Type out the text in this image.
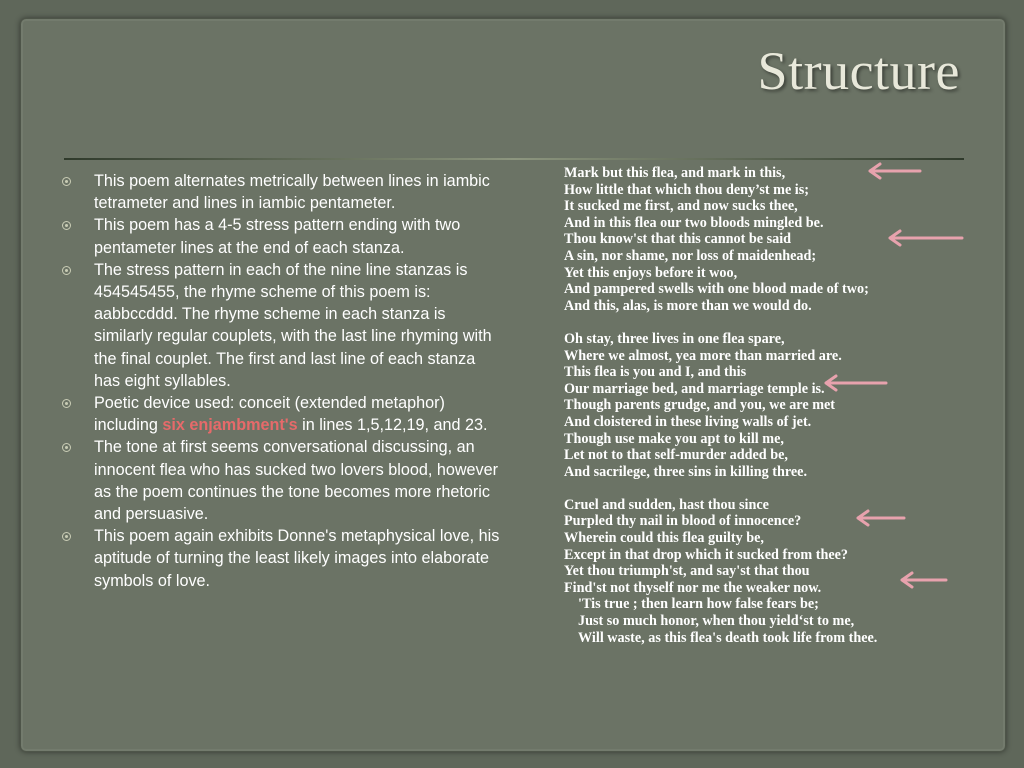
Structure
This poem alternates metrically between lines in iambic tetrameter and lines in iambic pentameter.
This poem has a 4-5 stress pattern ending with two pentameter lines at the end of each stanza.
The stress pattern in each of the nine line stanzas is 454545455, the rhyme scheme of this poem is: aabbccddd. The rhyme scheme in each stanza is similarly regular couplets, with the last line rhyming with the final couplet. The first and last line of each stanza has eight syllables.
Poetic device used: conceit (extended metaphor) including six enjambment's in lines 1,5,12,19, and 23.
The tone at first seems conversational discussing, an innocent flea who has sucked two lovers blood, however as the poem continues the tone becomes more rhetoric and persuasive.
This poem again exhibits Donne's metaphysical love, his aptitude of turning the least likely images into elaborate symbols of love.
Mark but this flea, and mark in this,
How little that which thou deny’st me is;
It sucked me first, and now sucks thee,
And in this flea our two bloods mingled be.
Thou know'st that this cannot be said
A sin, nor shame, nor loss of maidenhead;
Yet this enjoys before it woo,
And pampered swells with one blood made of two;
And this, alas, is more than we would do.
Oh stay, three lives in one flea spare,
Where we almost, yea more than married are.
This flea is you and I, and this
Our marriage bed, and marriage temple is.
Though parents grudge, and you, we are met
And cloistered in these living walls of jet.
Though use make you apt to kill me,
Let not to that self-murder added be,
And sacrilege, three sins in killing three.
Cruel and sudden, hast thou since
Purpled thy nail in blood of innocence?
Wherein could this flea guilty be,
Except in that drop which it sucked from thee?
Yet thou triumph'st, and say'st that thou
Find'st not thyself nor me the weaker now.
'Tis true ; then learn how false fears be;
Just so much honor, when thou yield‘st to me,
Will waste, as this flea's death took life from thee.
